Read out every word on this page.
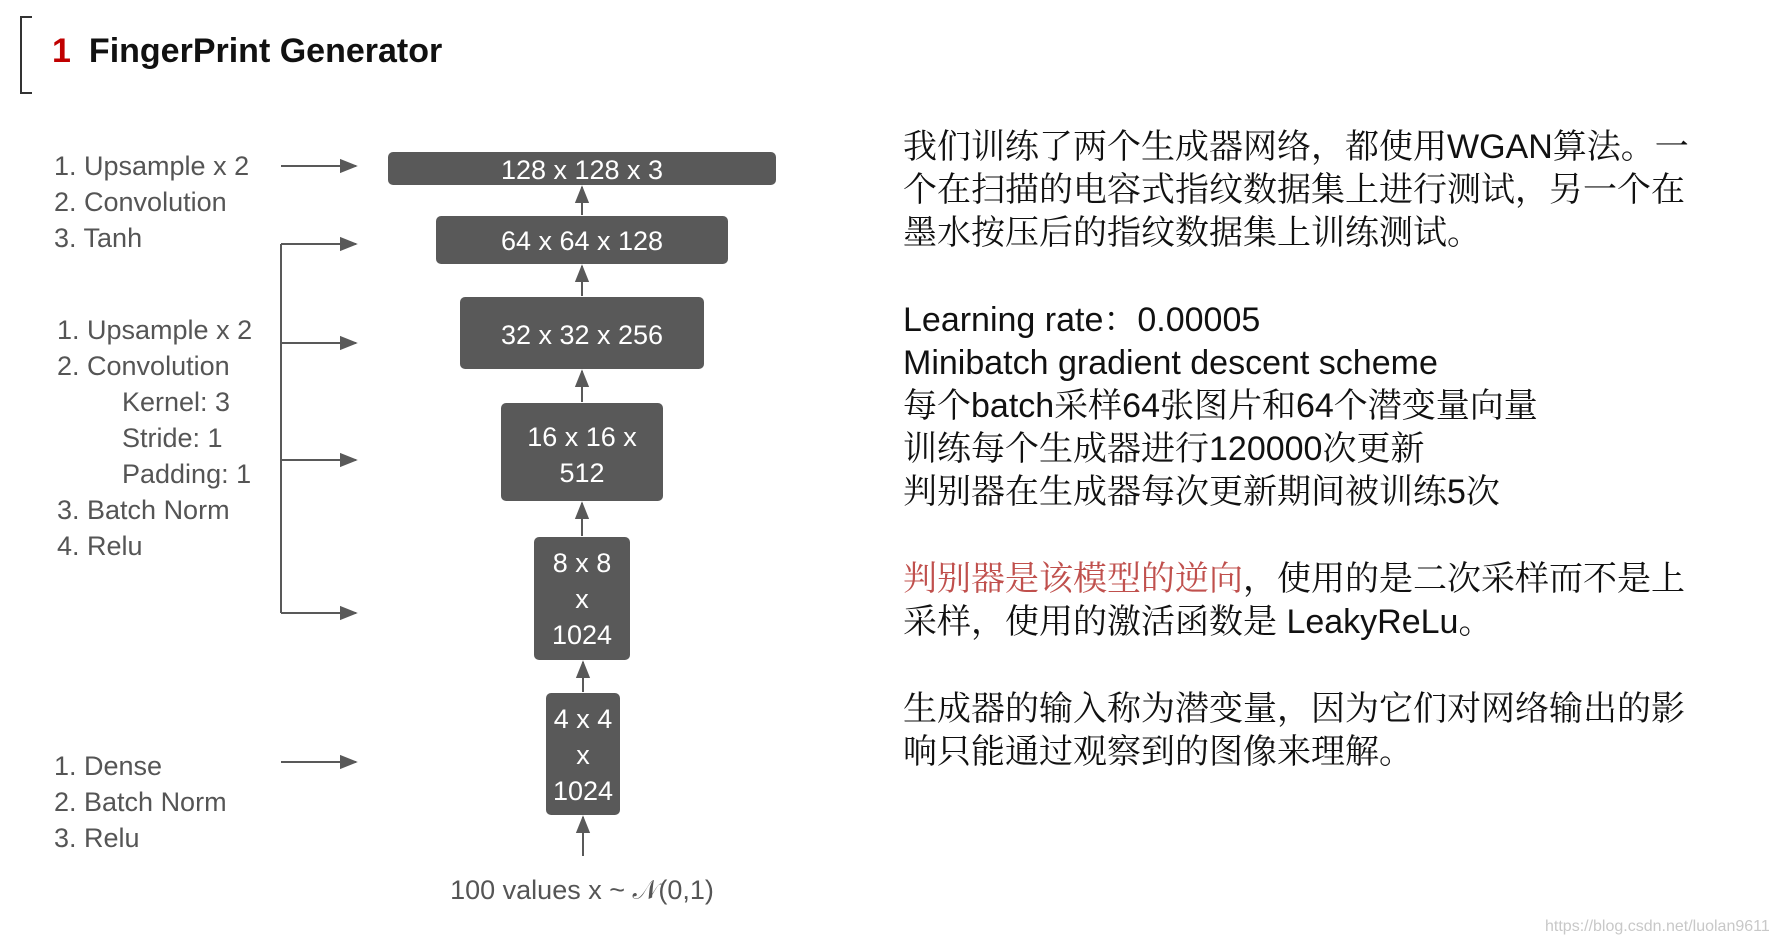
1 FingerPrint Generator
128 x 128 x 3
64 x 64 x 128
32 x 32 x 256
16 x 16 x
512
8 x 8
x
1024
4 x 4
x
1024
1. Upsample x 2
2. Convolution
3. Tanh
1. Upsample x 2
2. Convolution
Kernel: 3
Stride: 1
Padding: 1
3. Batch Norm
4. Relu
1. Dense
2. Batch Norm
3. Relu
100 values x ~ 𝒩(0,1)

我们训练了两个生成器网络，都使用WGAN算法。一

个在扫描的电容式指纹数据集上进行测试，另一个在

墨水按压后的指纹数据集上训练测试。

Learning rate：0.00005

Minibatch gradient descent scheme

每个batch采样64张图片和64个潜变量向量

训练每个生成器进行120000次更新

判别器在生成器每次更新期间被训练5次

判别器是该模型的逆向，使用的是二次采样而不是上

采样，使用的激活函数是 LeakyReLu。

生成器的输入称为潜变量，因为它们对网络输出的影

响只能通过观察到的图像来理解。

https://blog.csdn.net/luolan9611
